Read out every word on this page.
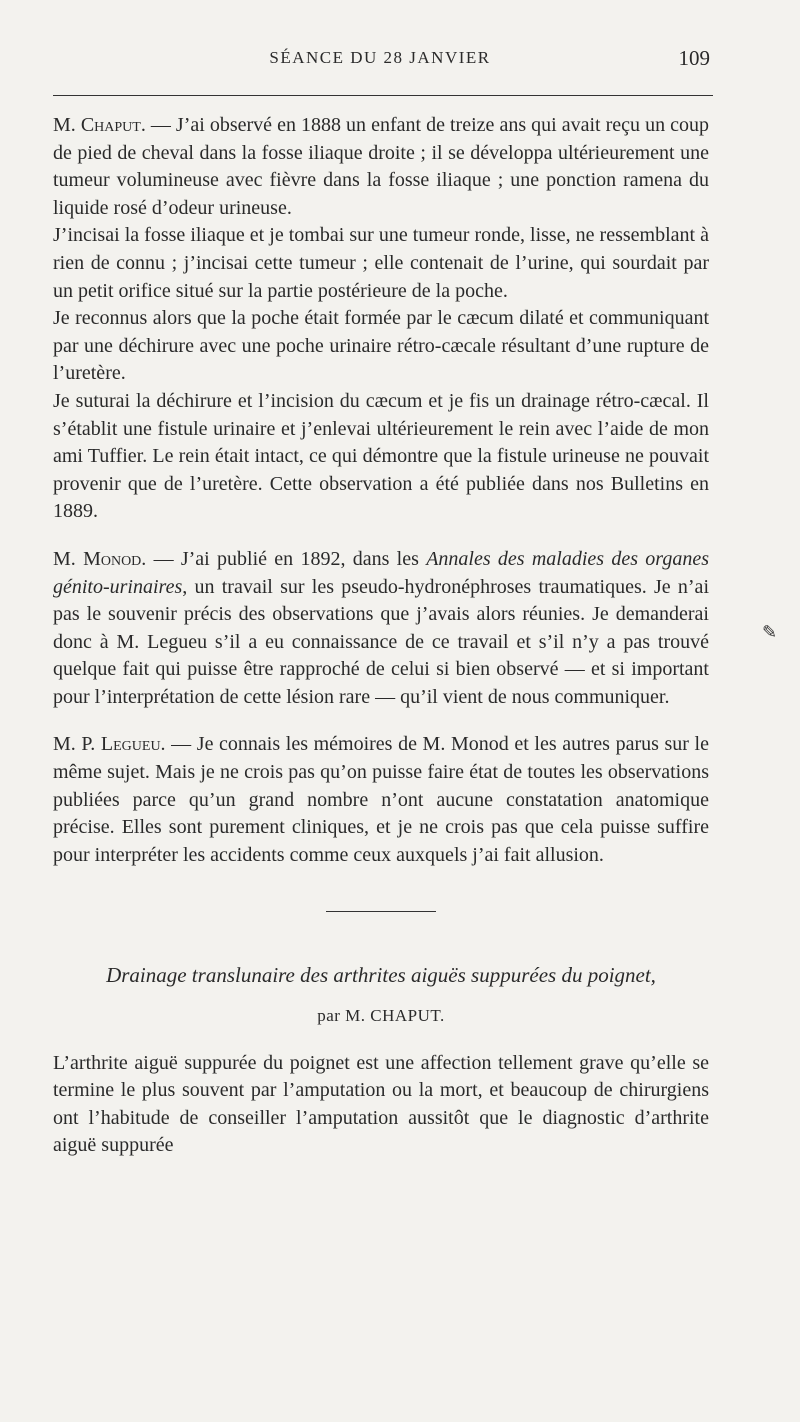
SÉANCE DU 28 JANVIER	109
✎

M. Chaput. — J’ai observé en 1888 un enfant de treize ans qui avait reçu un coup de pied de cheval dans la fosse iliaque droite ; il se développa ultérieurement une tumeur volumineuse avec fièvre dans la fosse iliaque ; une ponction ramena du liquide rosé d’odeur urineuse.

J’incisai la fosse iliaque et je tombai sur une tumeur ronde, lisse, ne ressemblant à rien de connu ; j’incisai cette tumeur ; elle contenait de l’urine, qui sourdait par un petit orifice situé sur la partie postérieure de la poche.

Je reconnus alors que la poche était formée par le cæcum dilaté et communiquant par une déchirure avec une poche urinaire rétro-cæcale résultant d’une rupture de l’uretère.

Je suturai la déchirure et l’incision du cæcum et je fis un drainage rétro-cæcal. Il s’établit une fistule urinaire et j’enlevai ultérieurement le rein avec l’aide de mon ami Tuffier. Le rein était intact, ce qui démontre que la fistule urineuse ne pouvait provenir que de l’uretère. Cette observation a été publiée dans nos Bulletins en 1889.

M. Monod. — J’ai publié en 1892, dans les Annales des maladies des organes génito-urinaires, un travail sur les pseudo-hydronéphroses traumatiques. Je n’ai pas le souvenir précis des observations que j’avais alors réunies. Je demanderai donc à M. Legueu s’il a eu connaissance de ce travail et s’il n’y a pas trouvé quelque fait qui puisse être rapproché de celui si bien observé — et si important pour l’interprétation de cette lésion rare — qu’il vient de nous communiquer.

M. P. Legueu. — Je connais les mémoires de M. Monod et les autres parus sur le même sujet. Mais je ne crois pas qu’on puisse faire état de toutes les observations publiées parce qu’un grand nombre n’ont aucune constatation anatomique précise. Elles sont purement cliniques, et je ne crois pas que cela puisse suffire pour interpréter les accidents comme ceux auxquels j’ai fait allusion.

Drainage translunaire des arthrites aiguës suppurées du poignet,
par M. CHAPUT.

L’arthrite aiguë suppurée du poignet est une affection tellement grave qu’elle se termine le plus souvent par l’amputation ou la mort, et beaucoup de chirurgiens ont l’habitude de conseiller l’amputation aussitôt que le diagnostic d’arthrite aiguë suppurée
